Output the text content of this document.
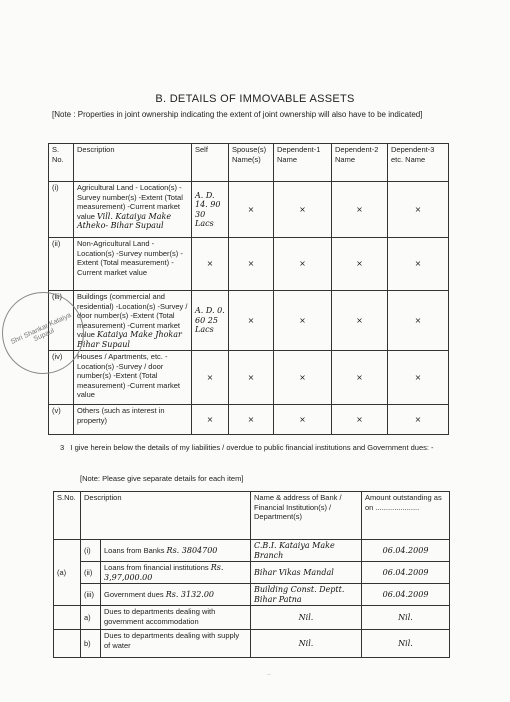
B. DETAILS OF IMMOVABLE ASSETS
[Note : Properties in joint ownership indicating the extent of joint ownership will also have to be indicated]
S. No.	Description	Self	Spouse(s) Name(s)	Dependent-1 Name	Dependent-2 Name	Dependent-3 etc. Name
(i)	Agricultural Land - Location(s) -Survey number(s) -Extent (Total measurement) -Current market value Vill. Kataiya Make Atheko- Bihar Supaul	A. D. 14. 90 30 Lacs	×	×	×	×
(ii)	Non-Agricultural Land - Location(s) -Survey number(s) -Extent (Total measurement) -Current market value	×	×	×	×	×
(iii)	Buildings (commercial and residential) -Location(s) -Survey / door number(s) -Extent (Total measurement) -Current market value Kataiya Make Jhokar Bihar Supaul	A. D. 0. 60 25 Lacs	×	×	×	×
(iv)	Houses / Apartments, etc. - Location(s) -Survey / door number(s) -Extent (Total measurement) -Current market value	×	×	×	×	×
(v)	Others (such as interest in property)	×	×	×	×	×
Shri Shankar Kataiya Supaul
3 I give herein below the details of my liabilities / overdue to public financial institutions and Government dues: -
[Note: Please give separate details for each item]
S.No.	Description		Name & address of Bank / Financial Institution(s) / Department(s)	Amount outstanding as on .....................
(a)	(i)	Loans from Banks Rs. 3804700	C.B.I. Kataiya Make Branch	06.04.2009
	(ii)	Loans from financial institutions Rs. 3,97,000.00	Bihar Vikas Mandal	06.04.2009
	(iii)	Government dues Rs. 3132.00	Building Const. Deptt. Bihar Patna	06.04.2009
	a)	Dues to departments dealing with government accommodation	Nil.	Nil.
	b)	Dues to departments dealing with supply of water	Nil.	Nil.
..
